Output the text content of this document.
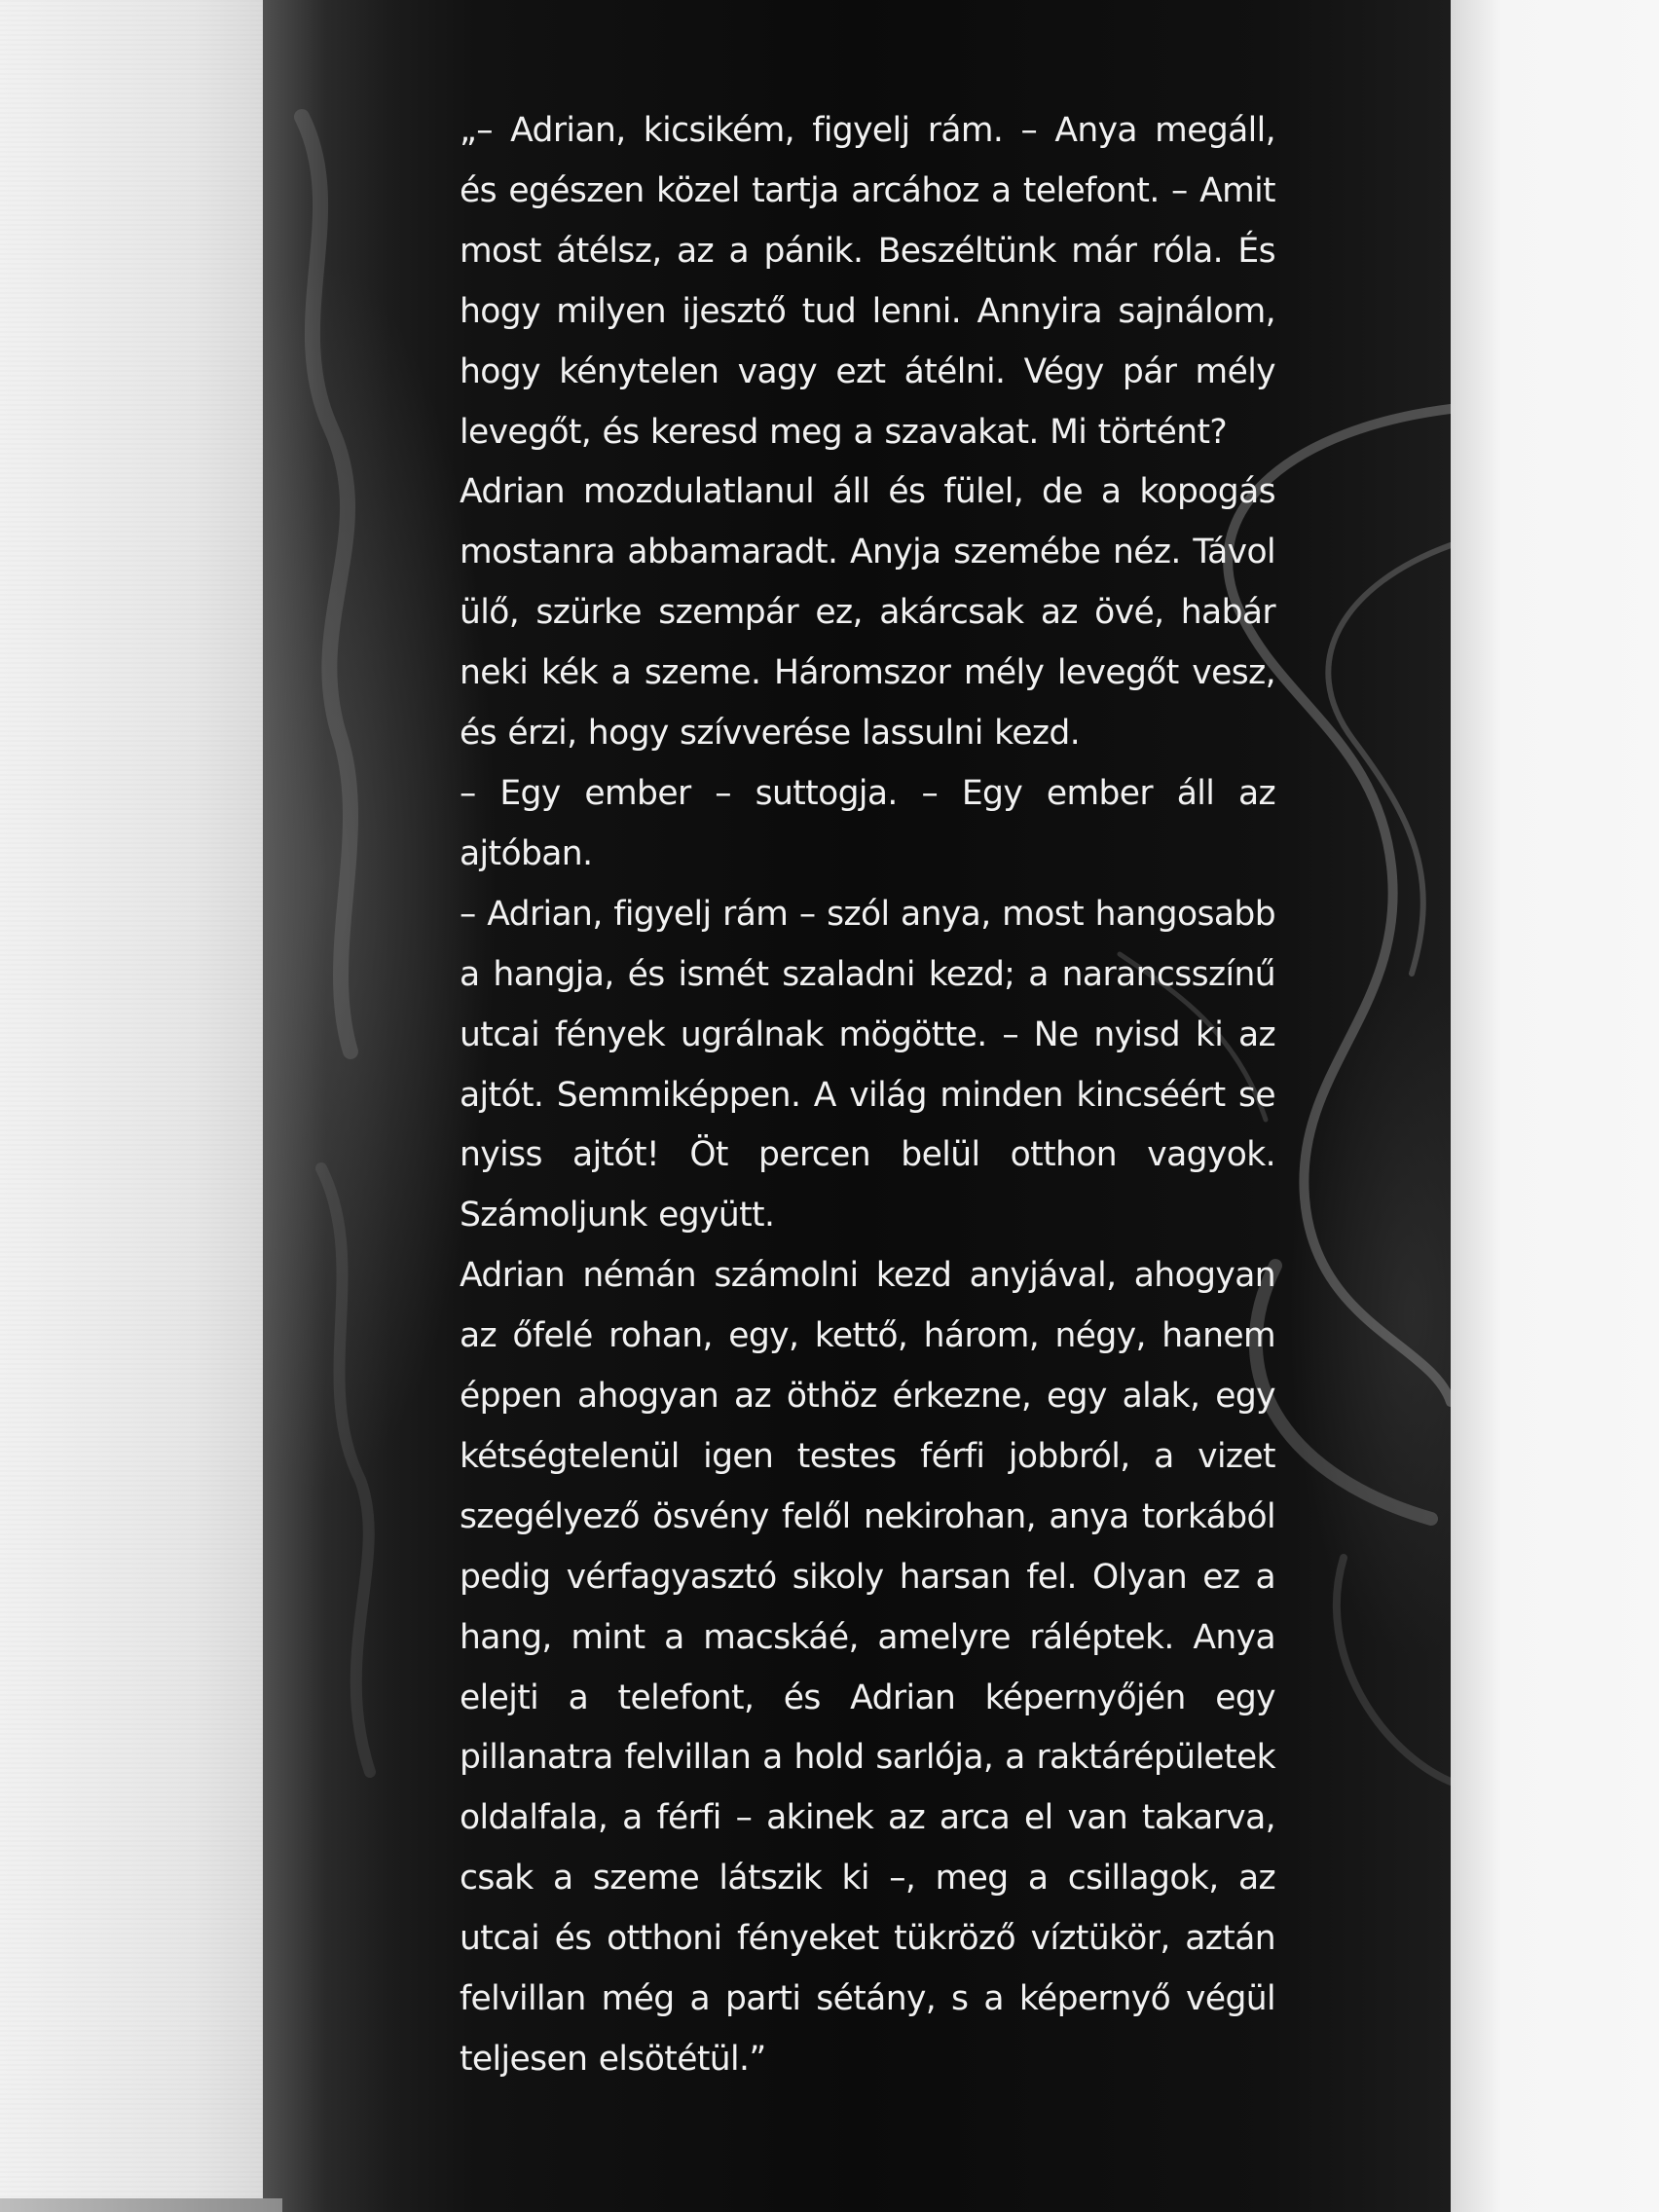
„– Adrian, kicsikém, figyelj rám. – Anya megáll, és egészen közel tartja arcához a telefont. – Amit most átélsz, az a pánik. Beszéltünk már róla. És hogy milyen ijesztő tud lenni. Annyira sajnálom, hogy kénytelen vagy ezt átélni. Végy pár mély levegőt, és keresd meg a szavakat. Mi történt?

Adrian mozdulatlanul áll és fülel, de a kopogás mostanra abbamaradt. Anyja szemébe néz. Távol ülő, szürke szempár ez, akárcsak az övé, habár neki kék a szeme. Háromszor mély levegőt vesz, és érzi, hogy szívverése lassulni kezd.

– Egy ember – suttogja. – Egy ember áll az ajtóban.

– Adrian, figyelj rám – szól anya, most hangosabb a hangja, és ismét szaladni kezd; a narancsszínű utcai fények ugrálnak mögötte. – Ne nyisd ki az ajtót. Semmiképpen. A világ minden kincséért se nyiss ajtót! Öt percen belül otthon vagyok. Számoljunk együtt.

Adrian némán számolni kezd anyjával, ahogyan az őfelé rohan, egy, kettő, három, négy, hanem éppen ahogyan az öthöz érkezne, egy alak, egy kétségtelenül igen testes férfi jobbról, a vizet szegélyező ösvény felől nekirohan, anya torkából pedig vérfagyasztó sikoly harsan fel. Olyan ez a hang, mint a macskáé, amelyre ráléptek. Anya elejti a telefont, és Adrian képernyőjén egy pillanatra felvillan a hold sarlója, a raktárépületek oldalfala, a férfi – akinek az arca el van takarva, csak a szeme látszik ki –, meg a csillagok, az utcai és otthoni fényeket tükröző víztükör, aztán felvillan még a parti sétány, s a képernyő végül teljesen elsötétül.”
